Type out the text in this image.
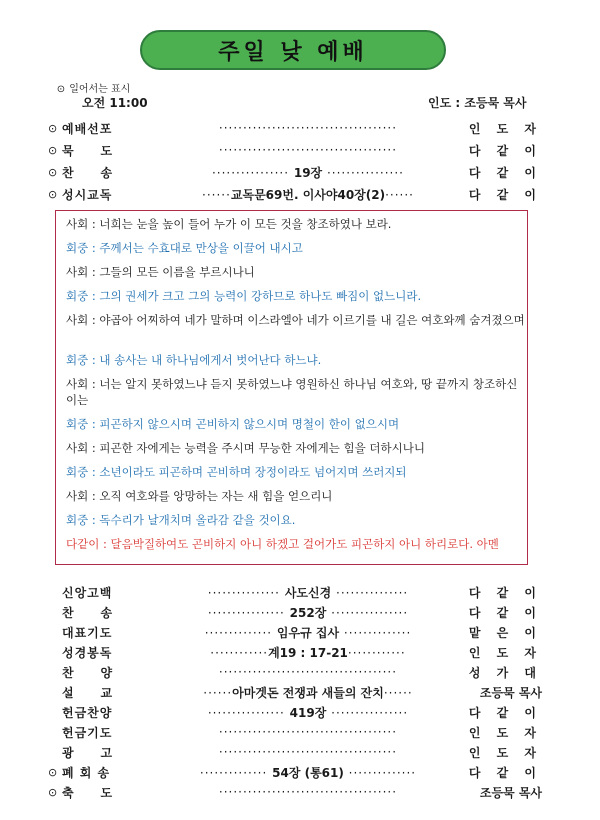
주일 낮 예배
⊙ 일어서는 표시
오전 11:00	인도 : 조등묵 목사
⊙ 예배선포	·····································	인 도 자
⊙ 묵     도	·····································	다 같 이
⊙ 찬     송	················ 19장 ················	다 같 이
⊙ 성시교독	······교독문69번. 이사야40장(2)······	다 같 이
사회 : 너희는 눈을 높이 들어 누가 이 모든 것을 창조하였나 보라.
회중 : 주께서는 수효대로 만상을 이끌어 내시고
사회 : 그들의 모든 이름을 부르시나니
회중 : 그의 권세가 크고 그의 능력이 강하므로 하나도 빠짐이 없느니라.
사회 : 야곱아 어찌하여 네가 말하며 이스라엘아 네가 이르기를 내 길은 여호와께 숨겨졌으며
회중 : 내 송사는 내 하나님에게서 벗어난다 하느냐.
사회 : 너는 알지 못하였느냐 듣지 못하였느냐 영원하신 하나님 여호와, 땅 끝까지 창조하신 이는
회중 : 피곤하지 않으시며 곤비하지 않으시며 명철이 한이 없으시며
사회 : 피곤한 자에게는 능력을 주시며 무능한 자에게는 힘을 더하시나니
회중 : 소년이라도 피곤하며 곤비하며 장정이라도 넘어지며 쓰러지되
사회 : 오직 여호와를 앙망하는 자는 새 힘을 얻으리니
회중 : 독수리가 날개치며 올라감 같을 것이요.
다같이 : 달음박질하여도 곤비하지 아니 하겠고 걸어가도 피곤하지 아니 하리로다. 아멘
신앙고백	··············· 사도신경 ···············	다 같 이
찬     송	················ 252장 ················	다 같 이
대표기도	·············· 임우규 집사 ··············	맡 은 이
성경봉독	············계19 : 17-21············	인 도 자
찬     양	·····································	성 가 대
설     교	······아마겟돈 전쟁과 새들의 잔치······	조등묵 목사
헌금찬양	················ 419장 ················	다 같 이
헌금기도	·····································	인 도 자
광     고	·····································	인 도 자
⊙ 폐 회 송	·············· 54장 (통61) ··············	다 같 이
⊙ 축     도	·····································	조등묵 목사
